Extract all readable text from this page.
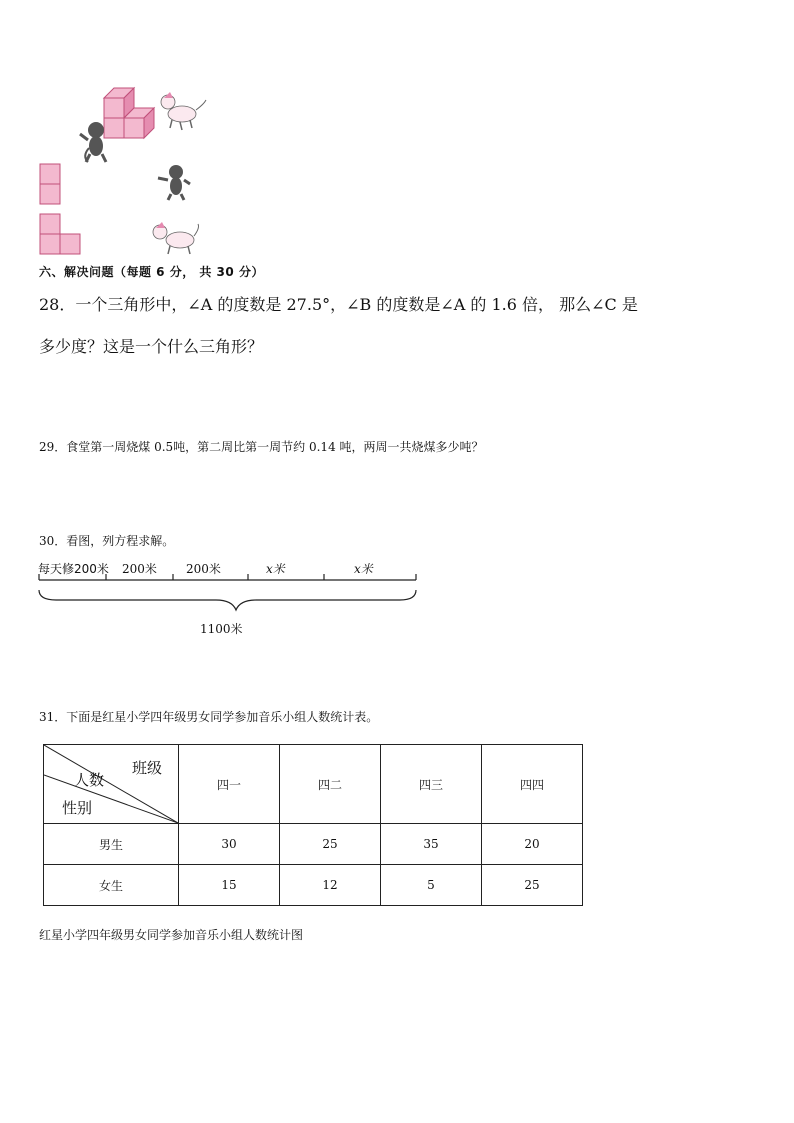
六、解决问题（每题 6 分， 共 30 分）
28．一个三角形中，∠A 的度数是 27.5°，∠B 的度数是∠A 的 1.6 倍， 那么∠C 是
多少度？这是一个什么三角形？
29．食堂第一周烧煤 0.5吨，第二周比第一周节约 0.14 吨，两周一共烧煤多少吨？
30．看图，列方程求解。
每天修200米 200米 200米	x米	x米
1100米
31．下面是红星小学四年级男女同学参加音乐小组人数统计表。
班级
人数
性别	四一	四二	四三	四四
男生	30	25	35	20
女生	15	12	5	25
红星小学四年级男女同学参加音乐小组人数统计图
